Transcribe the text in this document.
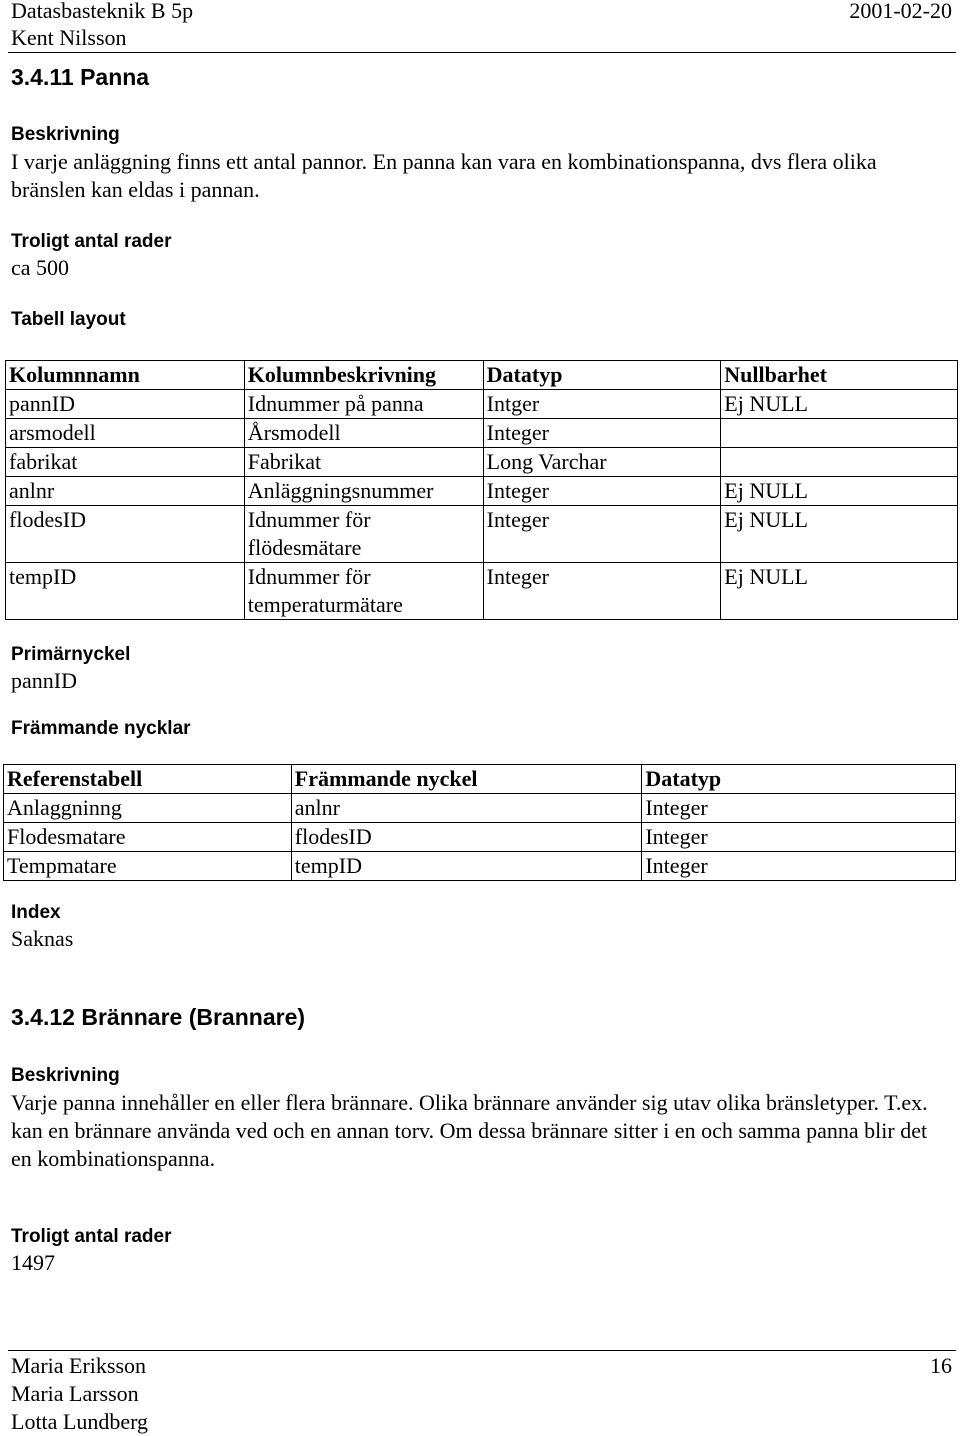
Datasbasteknik B 5p	2001-02-20
Kent Nilsson
3.4.11 Panna
Beskrivning

I varje anläggning finns ett antal pannor. En panna kan vara en kombinationspanna, dvs flera olika bränslen kan eldas i pannan.

Troligt antal rader
ca 500
Tabell layout
Kolumnnamn	Kolumnbeskrivning	Datatyp	Nullbarhet
pannID	Idnummer på panna	Intger	Ej NULL
arsmodell	Årsmodell	Integer	
fabrikat	Fabrikat	Long Varchar	
anlnr	Anläggningsnummer	Integer	Ej NULL
flodesID	Idnummer för flödesmätare	Integer	Ej NULL
tempID	Idnummer för temperaturmätare	Integer	Ej NULL
Primärnyckel
pannID
Främmande nycklar
Referenstabell	Främmande nyckel	Datatyp
Anlaggninng	anlnr	Integer
Flodesmatare	flodesID	Integer
Tempmatare	tempID	Integer
Index
Saknas
3.4.12 Brännare (Brannare)
Beskrivning

Varje panna innehåller en eller flera brännare. Olika brännare använder sig utav olika bränsletyper. T.ex. kan en brännare använda ved och en annan torv. Om dessa brännare sitter i en och samma panna blir det en kombinationspanna.

Troligt antal rader
1497
Maria Eriksson
Maria Larsson
Lotta Lundberg
16
